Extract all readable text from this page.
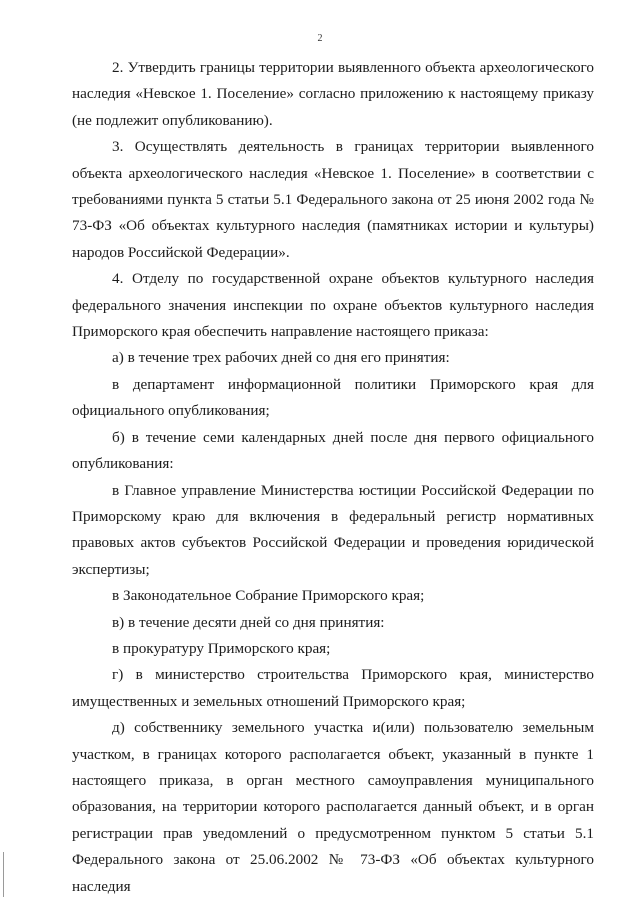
2

2. Утвердить границы территории выявленного объекта археологического наследия «Невское 1. Поселение» согласно приложению к настоящему приказу (не подлежит опубликованию).

3. Осуществлять деятельность в границах территории выявленного объекта археологического наследия «Невское 1. Поселение» в соответствии с требованиями пункта 5 статьи 5.1 Федерального закона от 25 июня 2002 года № 73-ФЗ «Об объектах культурного наследия (памятниках истории и культуры) народов Российской Федерации».

4. Отделу по государственной охране объектов культурного наследия федерального значения инспекции по охране объектов культурного наследия Приморского края обеспечить направление настоящего приказа:

а) в течение трех рабочих дней со дня его принятия:

в департамент информационной политики Приморского края для официального опубликования;

б) в течение семи календарных дней после дня первого официального опубликования:

в Главное управление Министерства юстиции Российской Федерации по Приморскому краю для включения в федеральный регистр нормативных правовых актов субъектов Российской Федерации и проведения юридической экспертизы;

в Законодательное Собрание Приморского края;

в) в течение десяти дней со дня принятия:

в прокуратуру Приморского края;

г) в министерство строительства Приморского края, министерство имущественных и земельных отношений Приморского края;

д) собственнику земельного участка и(или) пользователю земельным участком, в границах которого располагается объект, указанный в пункте 1 настоящего приказа, в орган местного самоуправления муниципального образования, на территории которого располагается данный объект, и в орган регистрации прав уведомлений о предусмотренном пунктом 5 статьи 5.1 Федерального закона от 25.06.2002 № 73-ФЗ «Об объектах культурного наследия
